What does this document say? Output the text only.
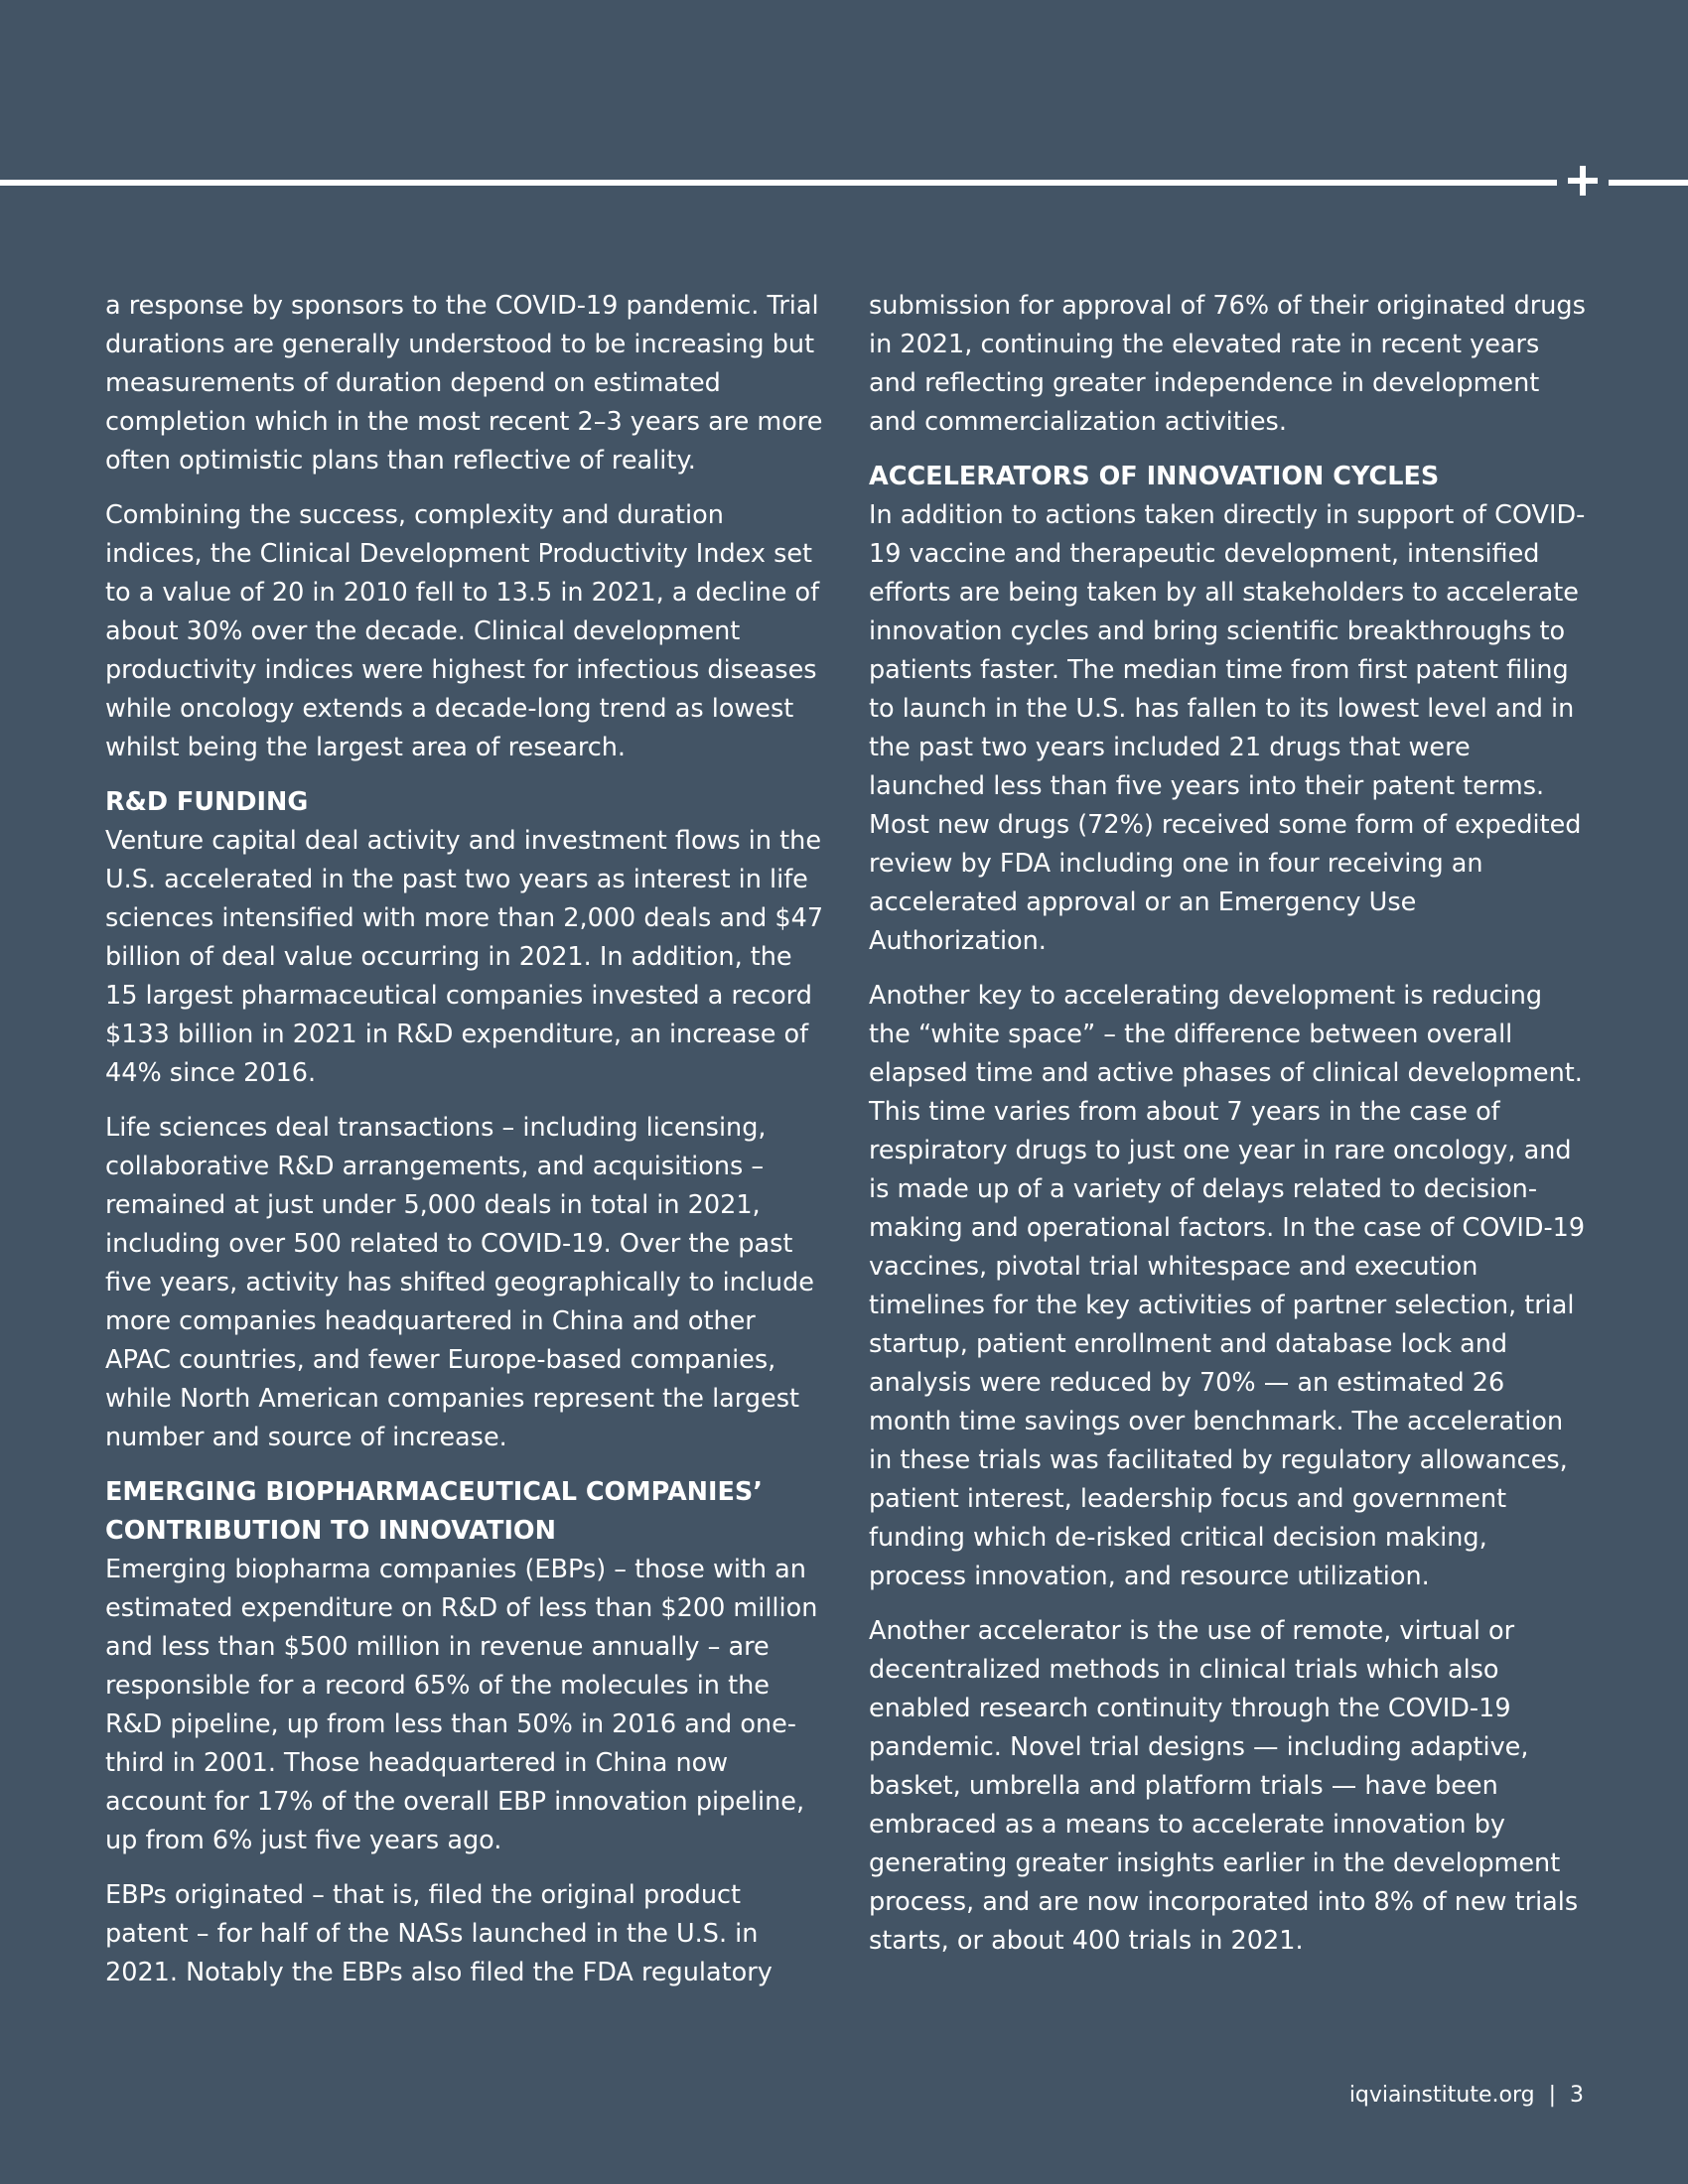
a response by sponsors to the COVID-19 pandemic. Trial durations are generally understood to be increasing but measurements of duration depend on estimated completion which in the most recent 2–3 years are more often optimistic plans than reflective of reality.

Combining the success, complexity and duration indices, the Clinical Development Productivity Index set to a value of 20 in 2010 fell to 13.5 in 2021, a decline of about 30% over the decade. Clinical development productivity indices were highest for infectious diseases while oncology extends a decade-long trend as lowest whilst being the largest area of research.

R&D FUNDING

Venture capital deal activity and investment flows in the U.S. accelerated in the past two years as interest in life sciences intensified with more than 2,000 deals and $47 billion of deal value occurring in 2021. In addition, the 15 largest pharmaceutical companies invested a record $133 billion in 2021 in R&D expenditure, an increase of 44% since 2016.

Life sciences deal transactions – including licensing, collaborative R&D arrangements, and acquisitions – remained at just under 5,000 deals in total in 2021, including over 500 related to COVID-19. Over the past five years, activity has shifted geographically to include more companies headquartered in China and other APAC countries, and fewer Europe-based companies, while North American companies represent the largest number and source of increase.

EMERGING BIOPHARMACEUTICAL COMPANIES’ CONTRIBUTION TO INNOVATION

Emerging biopharma companies (EBPs) – those with an estimated expenditure on R&D of less than $200 million and less than $500 million in revenue annually – are responsible for a record 65% of the molecules in the R&D pipeline, up from less than 50% in 2016 and one-third in 2001. Those headquartered in China now account for 17% of the overall EBP innovation pipeline, up from 6% just five years ago.

EBPs originated – that is, filed the original product patent – for half of the NASs launched in the U.S. in 2021. Notably the EBPs also filed the FDA regulatory

submission for approval of 76% of their originated drugs in 2021, continuing the elevated rate in recent years and reflecting greater independence in development and commercialization activities.

ACCELERATORS OF INNOVATION CYCLES

In addition to actions taken directly in support of COVID-19 vaccine and therapeutic development, intensified efforts are being taken by all stakeholders to accelerate innovation cycles and bring scientific breakthroughs to patients faster. The median time from first patent filing to launch in the U.S. has fallen to its lowest level and in the past two years included 21 drugs that were launched less than five years into their patent terms. Most new drugs (72%) received some form of expedited review by FDA including one in four receiving an accelerated approval or an Emergency Use Authorization.

Another key to accelerating development is reducing the “white space” – the difference between overall elapsed time and active phases of clinical development. This time varies from about 7 years in the case of respiratory drugs to just one year in rare oncology, and is made up of a variety of delays related to decision-making and operational factors. In the case of COVID-19 vaccines, pivotal trial whitespace and execution timelines for the key activities of partner selection, trial startup, patient enrollment and database lock and analysis were reduced by 70% — an estimated 26 month time savings over benchmark. The acceleration in these trials was facilitated by regulatory allowances, patient interest, leadership focus and government funding which de-risked critical decision making, process innovation, and resource utilization.

Another accelerator is the use of remote, virtual or decentralized methods in clinical trials which also enabled research continuity through the COVID-19 pandemic. Novel trial designs — including adaptive, basket, umbrella and platform trials — have been embraced as a means to accelerate innovation by generating greater insights earlier in the development process, and are now incorporated into 8% of new trials starts, or about 400 trials in 2021.

iqviainstitute.org | 3
